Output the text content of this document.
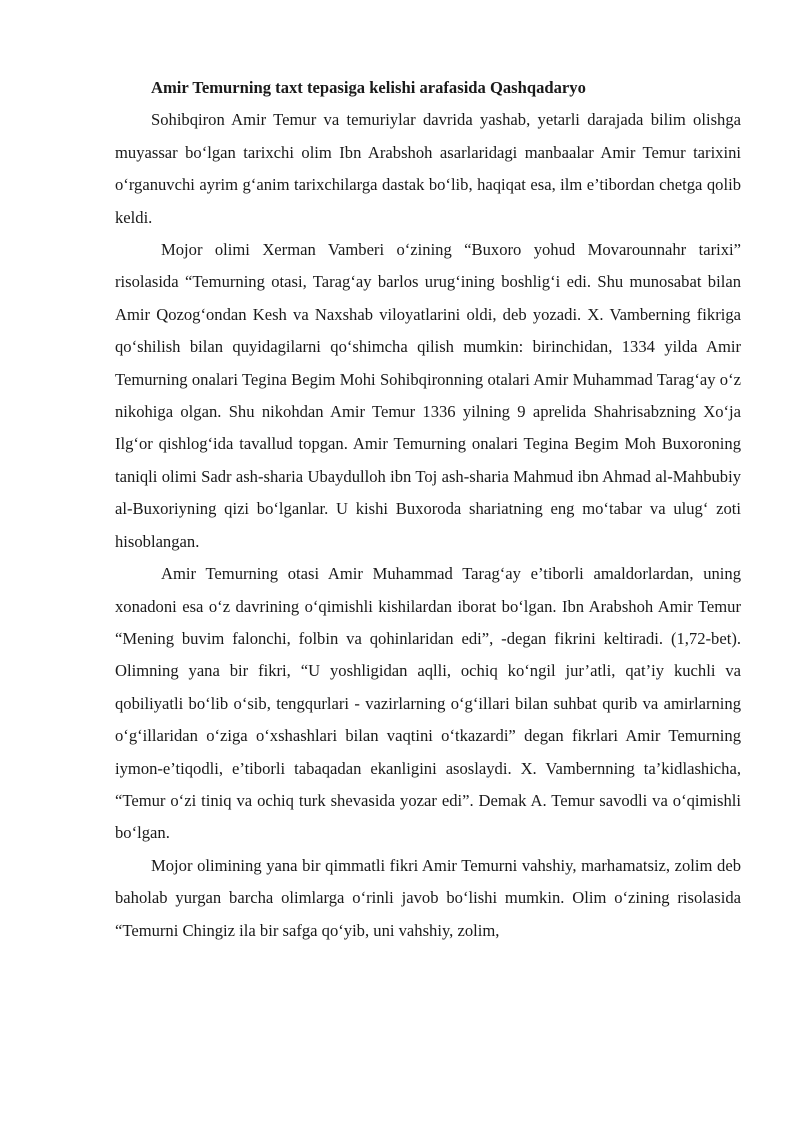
Amir Temurning taxt tepasiga kelishi arafasida Qashqadaryo

Sohibqiron Amir Temur va temuriylar davrida yashab, yetarli darajada bilim olishga muyassar bo‘lgan tarixchi olim Ibn Arabshoh asarlaridagi manbaalar Amir Temur tarixini o‘rganuvchi ayrim g‘anim tarixchilarga dastak bo‘lib, haqiqat esa, ilm e’tibordan chetga qolib keldi.

Mojor olimi Xerman Vamberi o‘zining “Buxoro yohud Movarounnahr tarixi” risolasida “Temurning otasi, Tarag‘ay barlos urug‘ining boshlig‘i edi. Shu munosabat bilan Amir Qozog‘ondan Kesh va Naxshab viloyatlarini oldi, deb yozadi. X. Vamberning fikriga qo‘shilish bilan quyidagilarni qo‘shimcha qilish mumkin: birinchidan, 1334 yilda Amir Temurning onalari Tegina Begim Mohi Sohibqironning otalari Amir Muhammad Tarag‘ay o‘z nikohiga olgan. Shu nikohdan Amir Temur 1336 yilning 9 aprelida Shahrisabzning Xo‘ja Ilg‘or qishlog‘ida tavallud topgan. Amir Temurning onalari Tegina Begim Moh Buxoroning taniqli olimi Sadr ash-sharia Ubaydulloh ibn Toj ash-sharia Mahmud ibn Ahmad al-Mahbubiy al-Buxoriyning qizi bo‘lganlar. U kishi Buxoroda shariatning eng mo‘tabar va ulug‘ zoti hisoblangan.

Amir Temurning otasi Amir Muhammad Tarag‘ay e’tiborli amaldorlardan, uning xonadoni esa o‘z davrining o‘qimishli kishilardan iborat bo‘lgan. Ibn Arabshoh Amir Temur “Mening buvim falonchi, folbin va qohinlaridan edi”, -degan fikrini keltiradi. (1,72-bet). Olimning yana bir fikri, “U yoshligidan aqlli, ochiq ko‘ngil jur’atli, qat’iy kuchli va qobiliyatli bo‘lib o‘sib, tengqurlari - vazirlarning o‘g‘illari bilan suhbat qurib va amirlarning o‘g‘illaridan o‘ziga o‘xshashlari bilan vaqtini o‘tkazardi” degan fikrlari Amir Temurning iymon-e’tiqodli, e’tiborli tabaqadan ekanligini asoslaydi. X. Vambernning ta’kidlashicha, “Temur o‘zi tiniq va ochiq turk shevasida yozar edi”. Demak A. Temur savodli va o‘qimishli bo‘lgan.

Mojor olimining yana bir qimmatli fikri Amir Temurni vahshiy, marhamatsiz, zolim deb baholab yurgan barcha olimlarga o‘rinli javob bo‘lishi mumkin. Olim o‘zining risolasida “Temurni Chingiz ila bir safga qo‘yib, uni vahshiy, zolim,
